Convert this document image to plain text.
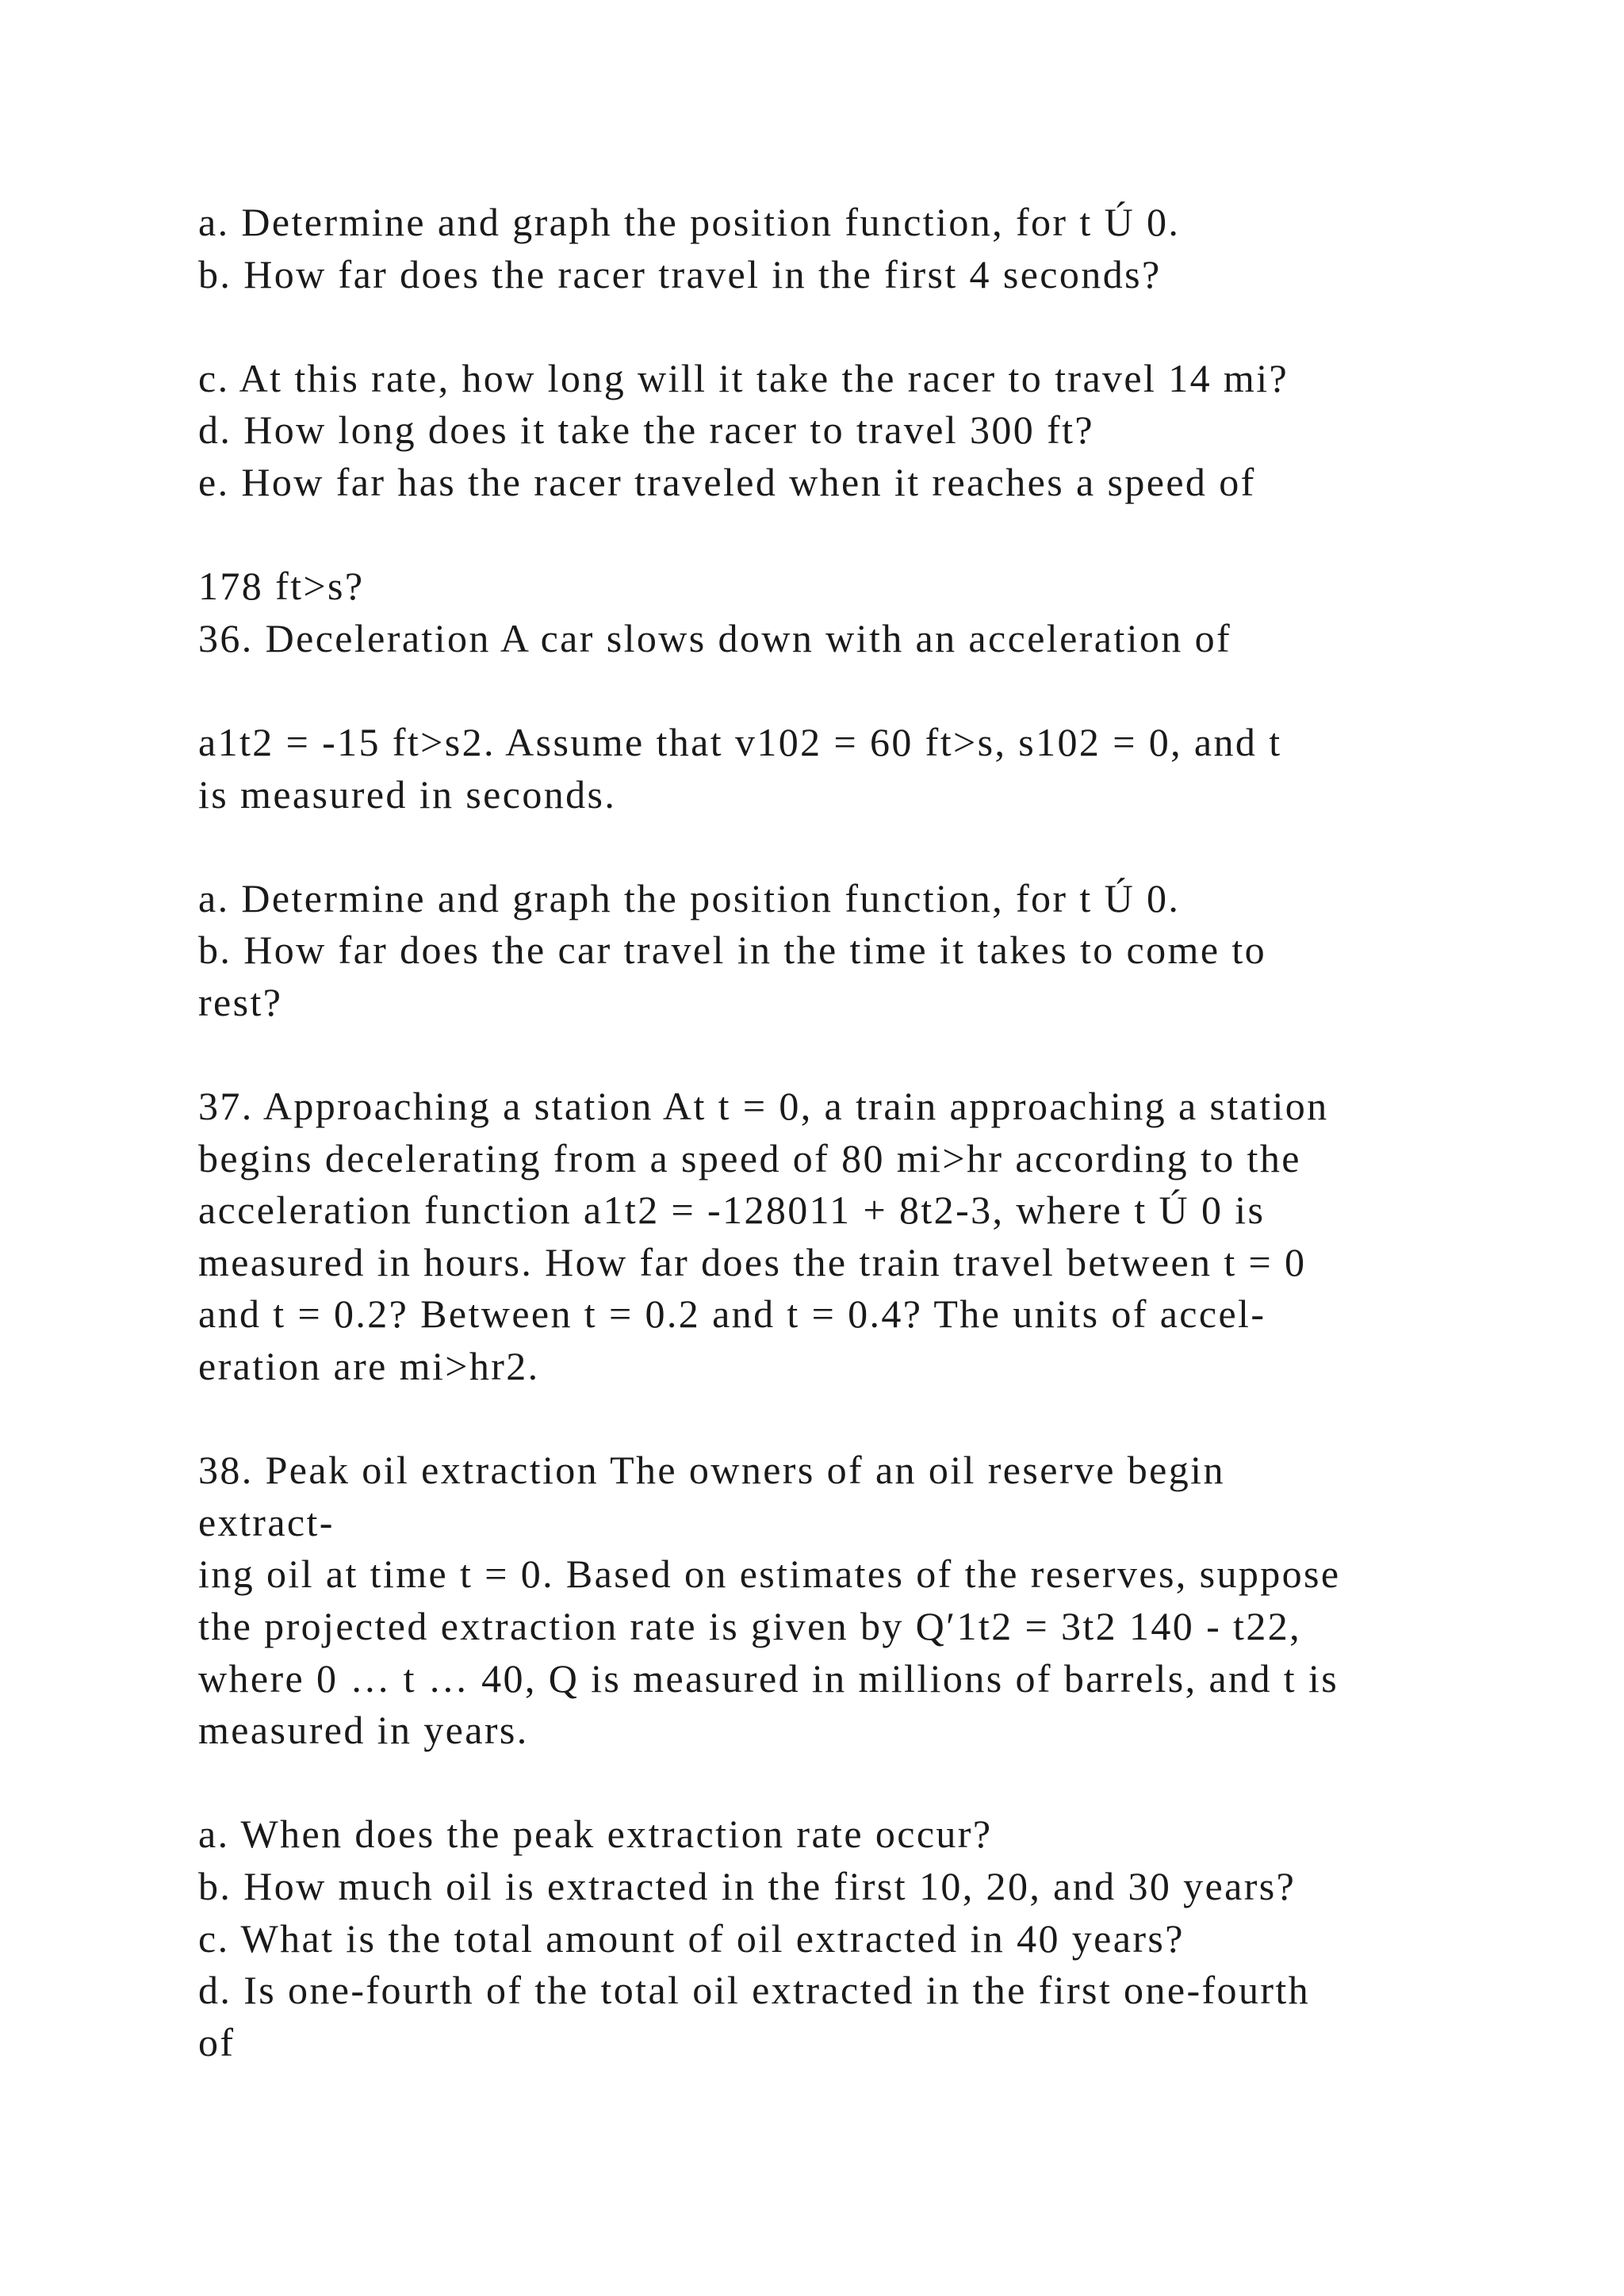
a. Determine and graph the position function, for t Ú 0.
b. How far does the racer travel in the first 4 seconds?
c. At this rate, how long will it take the racer to travel 14 mi?
d. How long does it take the racer to travel 300 ft?
e. How far has the racer traveled when it reaches a speed of
178 ft>s?
36. Deceleration A car slows down with an acceleration of
a1t2 = -15 ft>s2. Assume that v102 = 60 ft>s, s102 = 0, and t
is measured in seconds.
a. Determine and graph the position function, for t Ú 0.
b. How far does the car travel in the time it takes to come to
rest?
37. Approaching a station At t = 0, a train approaching a station
begins decelerating from a speed of 80 mi>hr according to the
acceleration function a1t2 = -128011 + 8t2-3, where t Ú 0 is
measured in hours. How far does the train travel between t = 0
and t = 0.2? Between t = 0.2 and t = 0.4? The units of accel-
eration are mi>hr2.
38. Peak oil extraction The owners of an oil reserve begin
extract-
ing oil at time t = 0. Based on estimates of the reserves, suppose
the projected extraction rate is given by Q′1t2 = 3t2 140 - t22,
where 0 … t … 40, Q is measured in millions of barrels, and t is
measured in years.
a. When does the peak extraction rate occur?
b. How much oil is extracted in the first 10, 20, and 30 years?
c. What is the total amount of oil extracted in 40 years?
d. Is one-fourth of the total oil extracted in the first one-fourth
of
